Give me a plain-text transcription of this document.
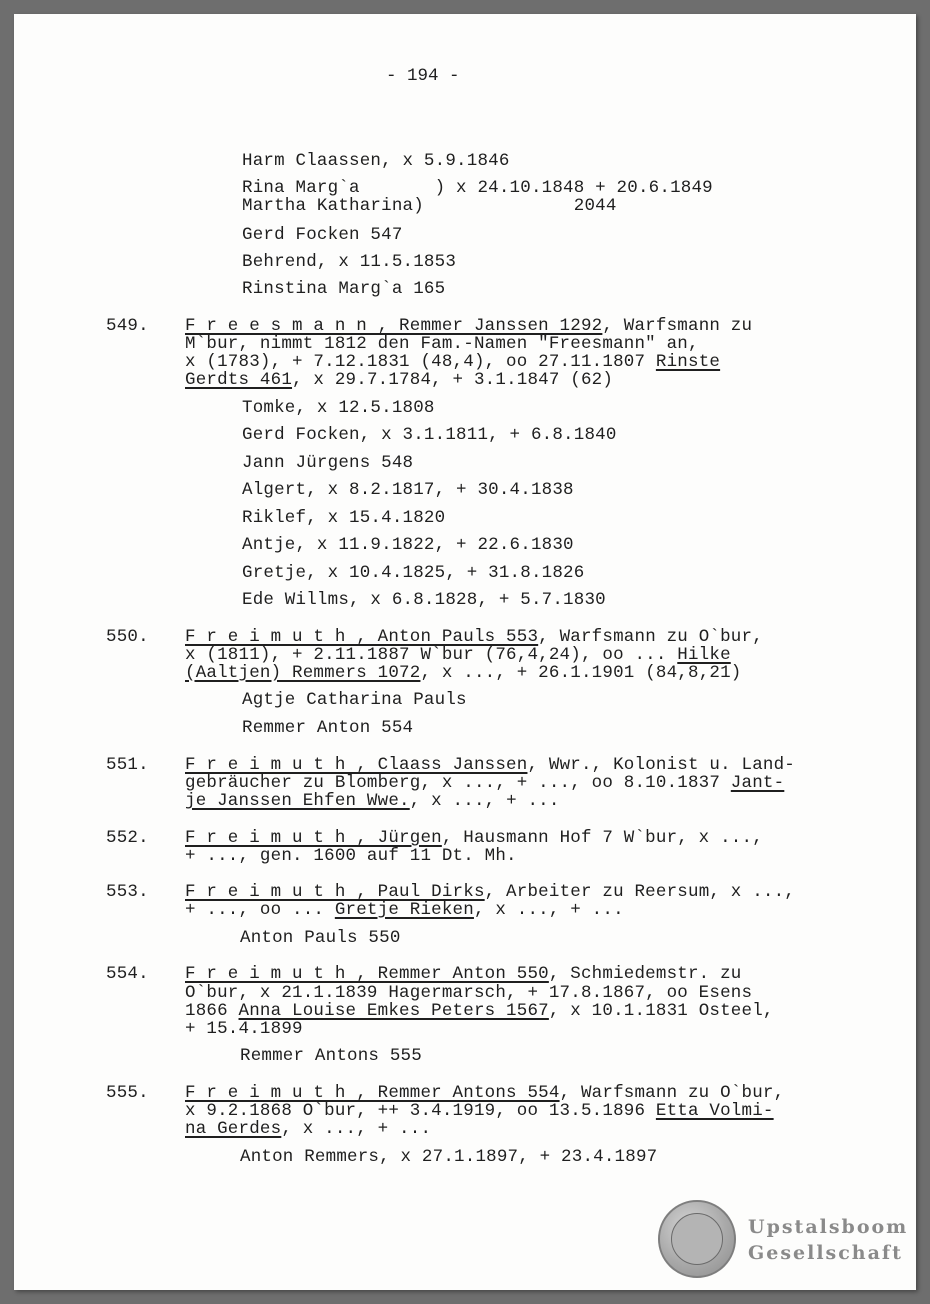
- 194 -
Harm Claassen, x 5.9.1846
Rina Marg`a       ) x 24.10.1848 + 20.6.1849
Martha Katharina)              2044
Gerd Focken 547
Behrend, x 11.5.1853
Rinstina Marg`a 165
549. F r e e s m a n n , Remmer Janssen 1292, Warfsmann zu
M`bur, nimmt 1812 den Fam.-Namen "Freesmann" an,
x (1783), + 7.12.1831 (48,4), oo 27.11.1807 Rinste
Gerdts 461, x 29.7.1784, + 3.1.1847 (62)
Tomke, x 12.5.1808
Gerd Focken, x 3.1.1811, + 6.8.1840
Jann Jürgens 548
Algert, x 8.2.1817, + 30.4.1838
Riklef, x 15.4.1820
Antje, x 11.9.1822, + 22.6.1830
Gretje, x 10.4.1825, + 31.8.1826
Ede Willms, x 6.8.1828, + 5.7.1830
550. F r e i m u t h , Anton Pauls 553, Warfsmann zu O`bur,
x (1811), + 2.11.1887 W`bur (76,4,24), oo ... Hilke
(Aaltjen) Remmers 1072, x ..., + 26.1.1901 (84,8,21)
Agtje Catharina Pauls
Remmer Anton 554
551. F r e i m u t h , Claass Janssen, Wwr., Kolonist u. Land-
gebräucher zu Blomberg, x ..., + ..., oo 8.10.1837 Jant-
je Janssen Ehfen Wwe., x ..., + ...
552. F r e i m u t h , Jürgen, Hausmann Hof 7 W`bur, x ...,
+ ..., gen. 1600 auf 11 Dt. Mh.
553. F r e i m u t h , Paul Dirks, Arbeiter zu Reersum, x ...,
+ ..., oo ... Gretje Rieken, x ..., + ...
Anton Pauls 550
554. F r e i m u t h , Remmer Anton 550, Schmiedemstr. zu
O`bur, x 21.1.1839 Hagermarsch, + 17.8.1867, oo Esens
1866 Anna Louise Emkes Peters 1567, x 10.1.1831 Osteel,
+ 15.4.1899
Remmer Antons 555
555. F r e i m u t h , Remmer Antons 554, Warfsmann zu O`bur,
x 9.2.1868 O`bur, ++ 3.4.1919, oo 13.5.1896 Etta Volmi-
na Gerdes, x ..., + ...
Anton Remmers, x 27.1.1897, + 23.4.1897
Upstalsboom
Gesellschaft
